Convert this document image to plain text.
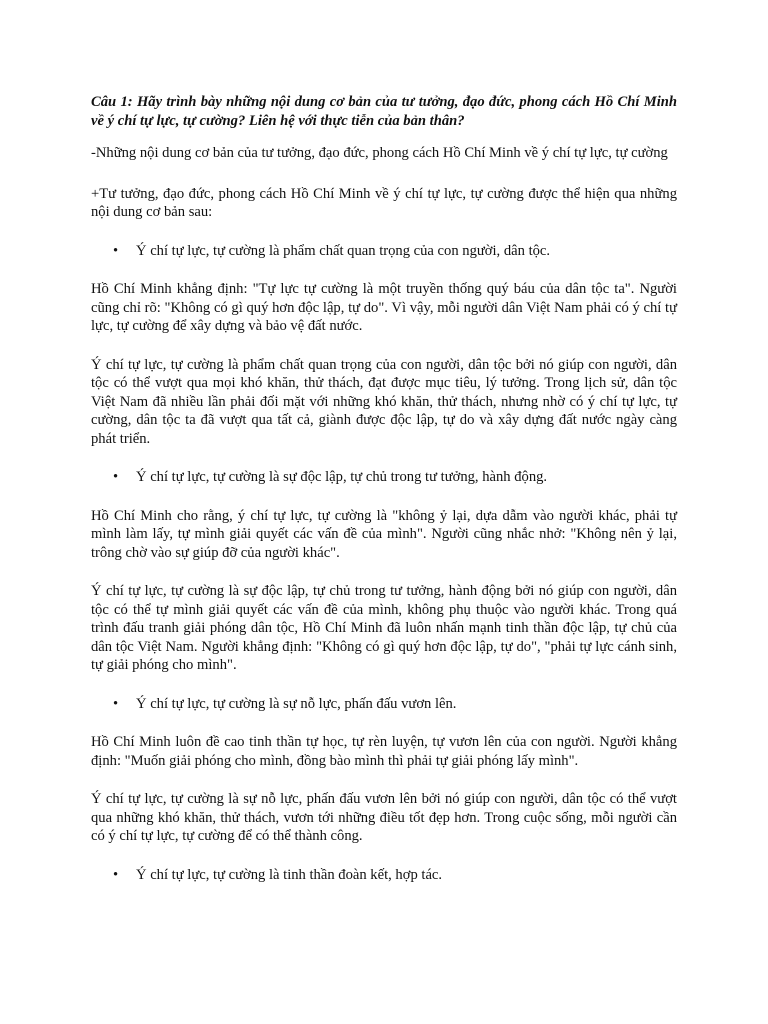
Câu 1: Hãy trình bày những nội dung cơ bản của tư tưởng, đạo đức, phong cách Hồ Chí Minh về ý chí tự lực, tự cường? Liên hệ với thực tiễn của bản thân?

-Những nội dung cơ bản của tư tưởng, đạo đức, phong cách Hồ Chí Minh về ý chí tự lực, tự cường

+Tư tưởng, đạo đức, phong cách Hồ Chí Minh về ý chí tự lực, tự cường được thể hiện qua những nội dung cơ bản sau:

•	Ý chí tự lực, tự cường là phẩm chất quan trọng của con người, dân tộc.

Hồ Chí Minh khẳng định: "Tự lực tự cường là một truyền thống quý báu của dân tộc ta". Người cũng chỉ rõ: "Không có gì quý hơn độc lập, tự do". Vì vậy, mỗi người dân Việt Nam phải có ý chí tự lực, tự cường để xây dựng và bảo vệ đất nước.

Ý chí tự lực, tự cường là phẩm chất quan trọng của con người, dân tộc bởi nó giúp con người, dân tộc có thể vượt qua mọi khó khăn, thử thách, đạt được mục tiêu, lý tưởng. Trong lịch sử, dân tộc Việt Nam đã nhiều lần phải đối mặt với những khó khăn, thử thách, nhưng nhờ có ý chí tự lực, tự cường, dân tộc ta đã vượt qua tất cả, giành được độc lập, tự do và xây dựng đất nước ngày càng phát triển.

•	Ý chí tự lực, tự cường là sự độc lập, tự chủ trong tư tưởng, hành động.

Hồ Chí Minh cho rằng, ý chí tự lực, tự cường là "không ỷ lại, dựa dẫm vào người khác, phải tự mình làm lấy, tự mình giải quyết các vấn đề của mình". Người cũng nhắc nhở: "Không nên ỷ lại, trông chờ vào sự giúp đỡ của người khác".

Ý chí tự lực, tự cường là sự độc lập, tự chủ trong tư tưởng, hành động bởi nó giúp con người, dân tộc có thể tự mình giải quyết các vấn đề của mình, không phụ thuộc vào người khác. Trong quá trình đấu tranh giải phóng dân tộc, Hồ Chí Minh đã luôn nhấn mạnh tinh thần độc lập, tự chủ của dân tộc Việt Nam. Người khẳng định: "Không có gì quý hơn độc lập, tự do", "phải tự lực cánh sinh, tự giải phóng cho mình".

•	Ý chí tự lực, tự cường là sự nỗ lực, phấn đấu vươn lên.

Hồ Chí Minh luôn đề cao tinh thần tự học, tự rèn luyện, tự vươn lên của con người. Người khẳng định: "Muốn giải phóng cho mình, đồng bào mình thì phải tự giải phóng lấy mình".

Ý chí tự lực, tự cường là sự nỗ lực, phấn đấu vươn lên bởi nó giúp con người, dân tộc có thể vượt qua những khó khăn, thử thách, vươn tới những điều tốt đẹp hơn. Trong cuộc sống, mỗi người cần có ý chí tự lực, tự cường để có thể thành công.

•	Ý chí tự lực, tự cường là tinh thần đoàn kết, hợp tác.
